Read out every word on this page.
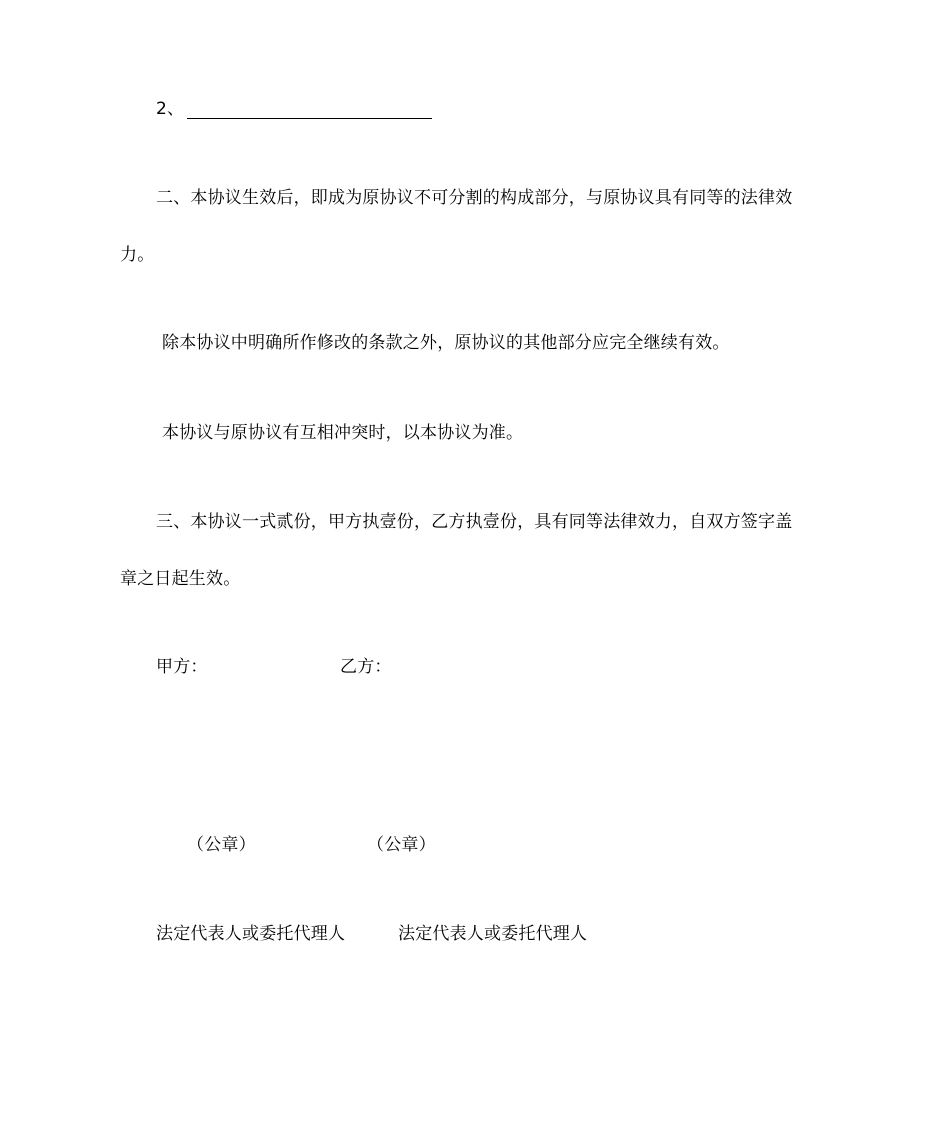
2、
二、本协议生效后，即成为原协议不可分割的构成部分，与原协议具有同等的法律效
力。
除本协议中明确所作修改的条款之外，原协议的其他部分应完全继续有效。
本协议与原协议有互相冲突时，以本协议为准。
三、本协议一式贰份，甲方执壹份，乙方执壹份，具有同等法律效力，自双方签字盖
章之日起生效。
甲方：	乙方：
（公章）	（公章）
法定代表人或委托代理人	法定代表人或委托代理人
